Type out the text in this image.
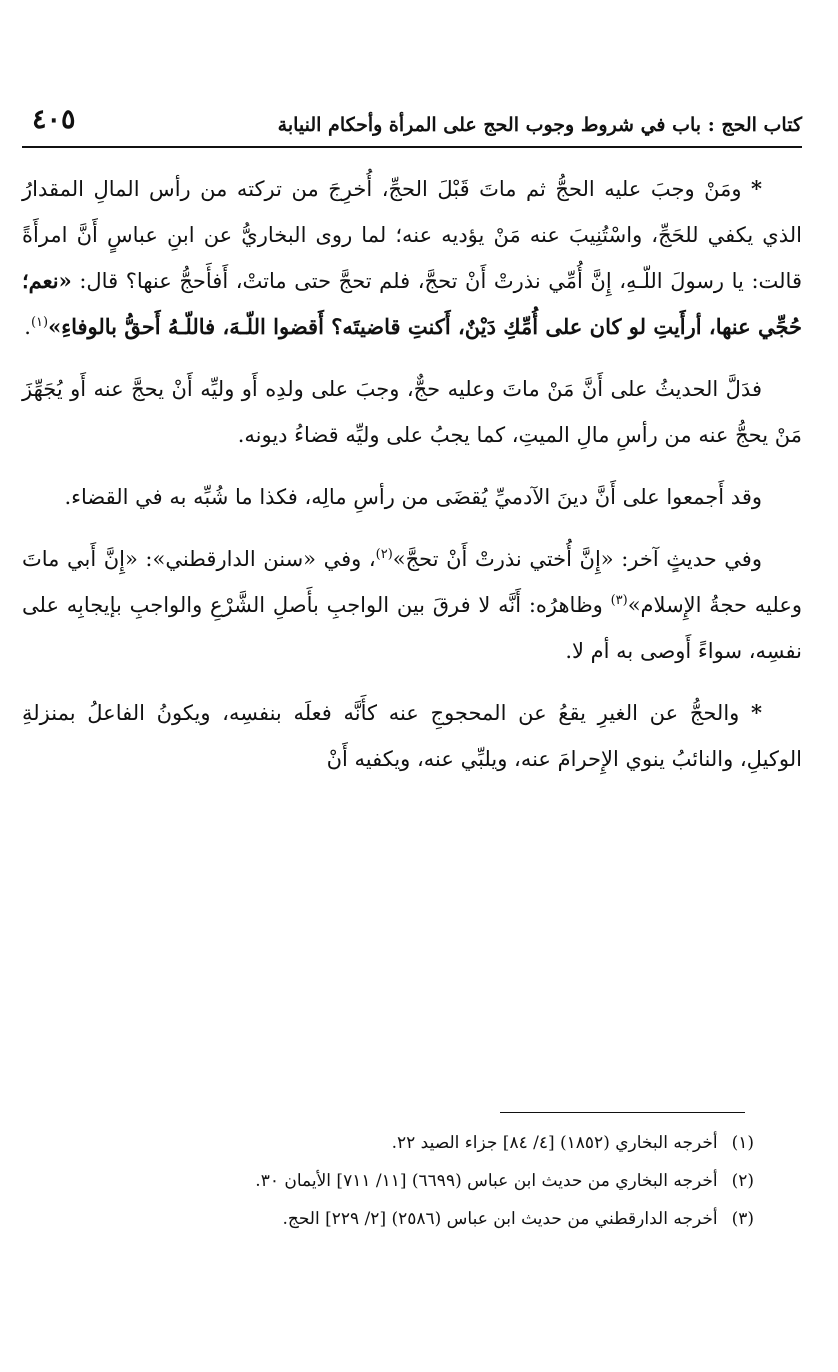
كتاب الحج : باب في شروط وجوب الحج على المرأة وأحكام النيابة
٤٠٥

* ومَنْ وجبَ عليه الحجُّ ثم ماتَ قَبْلَ الحجِّ، أُخرِجَ من تركته من رأس المالِ المقدارُ الذي يكفي للحَجِّ، واسْتُنِيبَ عنه مَنْ يؤديه عنه؛ لما روى البخاريُّ عن ابنِ عباسٍ أَنَّ امرأَةً قالت: يا رسولَ اللّـهِ، إِنَّ أُمِّي نذرتْ أَنْ تحجَّ، فلم تحجَّ حتى ماتتْ، أَفأَحجُّ عنها؟ قال: «نعم؛ حُجِّي عنها، أرأَيتِ لو كان على أُمِّكِ دَيْنٌ، أَكنتِ قاضيتَه؟ أَقضوا اللّـهَ، فاللّـهُ أَحقُّ بالوفاءِ»$^{(١)}$.

فدَلَّ الحديثُ على أَنَّ مَنْ ماتَ وعليه حجٌّ، وجبَ على ولدِه أَو وليِّه أَنْ يحجَّ عنه أَو يُجَهِّزَ مَنْ يحجُّ عنه من رأسِ مالِ الميتِ، كما يجبُ على وليِّه قضاءُ ديونه.

وقد أَجمعوا على أَنَّ دينَ الآدميِّ يُقضَى من رأسِ مالِه، فكذا ما شُبِّه به في القضاء.

وفي حديثٍ آخر: «إِنَّ أُختي نذرتْ أَنْ تحجَّ»$^{(٢)}$، وفي «سنن الدارقطني»: «إِنَّ أَبي ماتَ وعليه حجةُ الإِسلام»$^{(٣)}$ وظاهرُه: أَنَّه لا فرقَ بين الواجبِ بأَصلِ الشَّرْعِ والواجبِ بإيجابِه على نفسِه، سواءً أَوصى به أم لا.

* والحجُّ عن الغيرِ يقعُ عن المحجوجِ عنه كأَنَّه فعلَه بنفسِه، ويكونُ الفاعلُ بمنزلةِ الوكيلِ، والنائبُ ينوي الإِحرامَ عنه، ويلبِّي عنه، ويكفيه أَنْ

(١)أخرجه البخاري (١٨٥٢) [٤/ ٨٤] جزاء الصيد ٢٢.
(٢)أخرجه البخاري من حديث ابن عباس (٦٦٩٩) [١١/ ٧١١] الأيمان ٣٠.
(٣)أخرجه الدارقطني من حديث ابن عباس (٢٥٨٦) [٢/ ٢٢٩] الحج.
